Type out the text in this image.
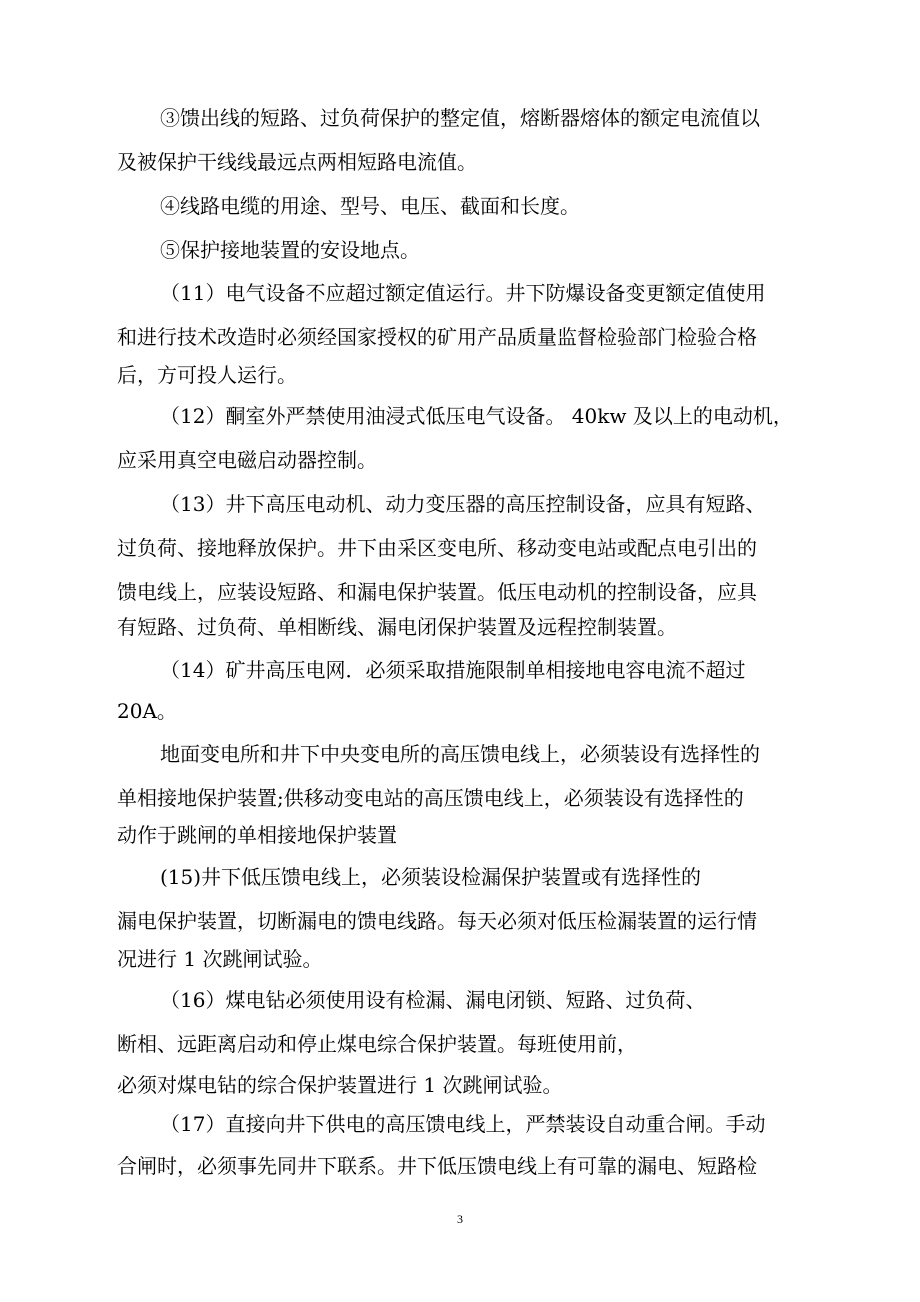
③馈出线的短路、过负荷保护的整定值，熔断器熔体的额定电流值以
及被保护干线线最远点两相短路电流值。
④线路电缆的用途、型号、电压、截面和长度。
⑤保护接地装置的安设地点。
（11）电气设备不应超过额定值运行。井下防爆设备变更额定值使用
和进行技术改造时必须经国家授权的矿用产品质量监督检验部门检验合格
后，方可投人运行。
（12）酮室外严禁使用油浸式低压电气设备。 40kw 及以上的电动机，
应采用真空电磁启动器控制。
（13）井下高压电动机、动力变压器的高压控制设备，应具有短路、
过负荷、接地释放保护。井下由采区变电所、移动变电站或配点电引出的
馈电线上，应装设短路、和漏电保护装置。低压电动机的控制设备，应具
有短路、过负荷、单相断线、漏电闭保护装置及远程控制装置。
（14）矿井高压电网．必须采取措施限制单相接地电容电流不超过
20A。
地面变电所和井下中央变电所的高压馈电线上，必须装设有选择性的
单相接地保护装置;供移动变电站的高压馈电线上，必须装设有选择性的
动作于跳闸的单相接地保护装置
(15)井下低压馈电线上，必须装设检漏保护装置或有选择性的
漏电保护装置，切断漏电的馈电线路。每天必须对低压检漏装置的运行情
况进行 1 次跳闸试验。
（16）煤电钻必须使用设有检漏、漏电闭锁、短路、过负荷、
断相、远距离启动和停止煤电综合保护装置。每班使用前，
必须对煤电钻的综合保护装置进行 1 次跳闸试验。
（17）直接向井下供电的高压馈电线上，严禁装设自动重合闸。手动
合闸时，必须事先同井下联系。井下低压馈电线上有可靠的漏电、短路检
3
